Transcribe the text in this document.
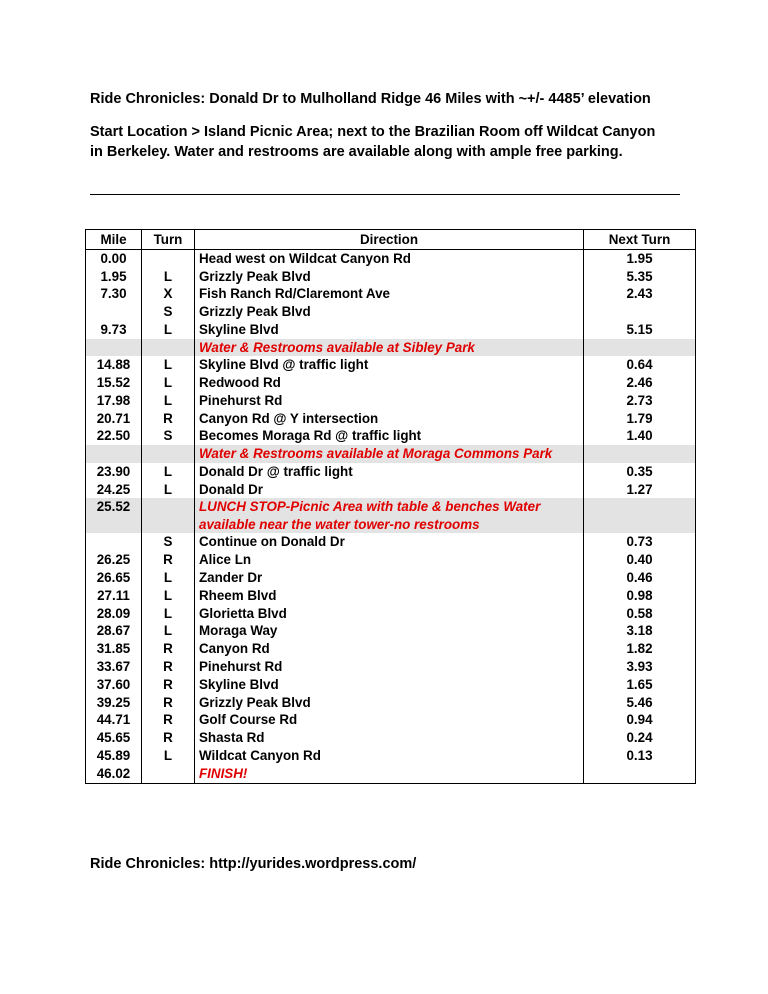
Ride Chronicles: Donald Dr to Mulholland Ridge 46 Miles with ~+/- 4485’ elevation
Start Location > Island Picnic Area; next to the Brazilian Room off Wildcat Canyon in Berkeley. Water and restrooms are available along with ample free parking.
Mile	Turn	Direction	Next Turn
0.00		Head west on Wildcat Canyon Rd	1.95
1.95	L	Grizzly Peak Blvd	5.35
7.30	X	Fish Ranch Rd/Claremont Ave	2.43
	S	Grizzly Peak Blvd	
9.73	L	Skyline Blvd	5.15
		Water & Restrooms available at Sibley Park	
14.88	L	Skyline Blvd @ traffic light	0.64
15.52	L	Redwood Rd	2.46
17.98	L	Pinehurst Rd	2.73
20.71	R	Canyon Rd @ Y intersection	1.79
22.50	S	Becomes Moraga Rd @ traffic light	1.40
		Water & Restrooms available at Moraga Commons Park	
23.90	L	Donald Dr @ traffic light	0.35
24.25	L	Donald Dr	1.27
25.52		LUNCH STOP-Picnic Area with table & benches Water available near the water tower-no restrooms	
	S	Continue on Donald Dr	0.73
26.25	R	Alice Ln	0.40
26.65	L	Zander Dr	0.46
27.11	L	Rheem Blvd	0.98
28.09	L	Glorietta Blvd	0.58
28.67	L	Moraga Way	3.18
31.85	R	Canyon Rd	1.82
33.67	R	Pinehurst Rd	3.93
37.60	R	Skyline Blvd	1.65
39.25	R	Grizzly Peak Blvd	5.46
44.71	R	Golf Course Rd	0.94
45.65	R	Shasta Rd	0.24
45.89	L	Wildcat Canyon Rd	0.13
46.02		FINISH!	
Ride Chronicles: http://yurides.wordpress.com/
